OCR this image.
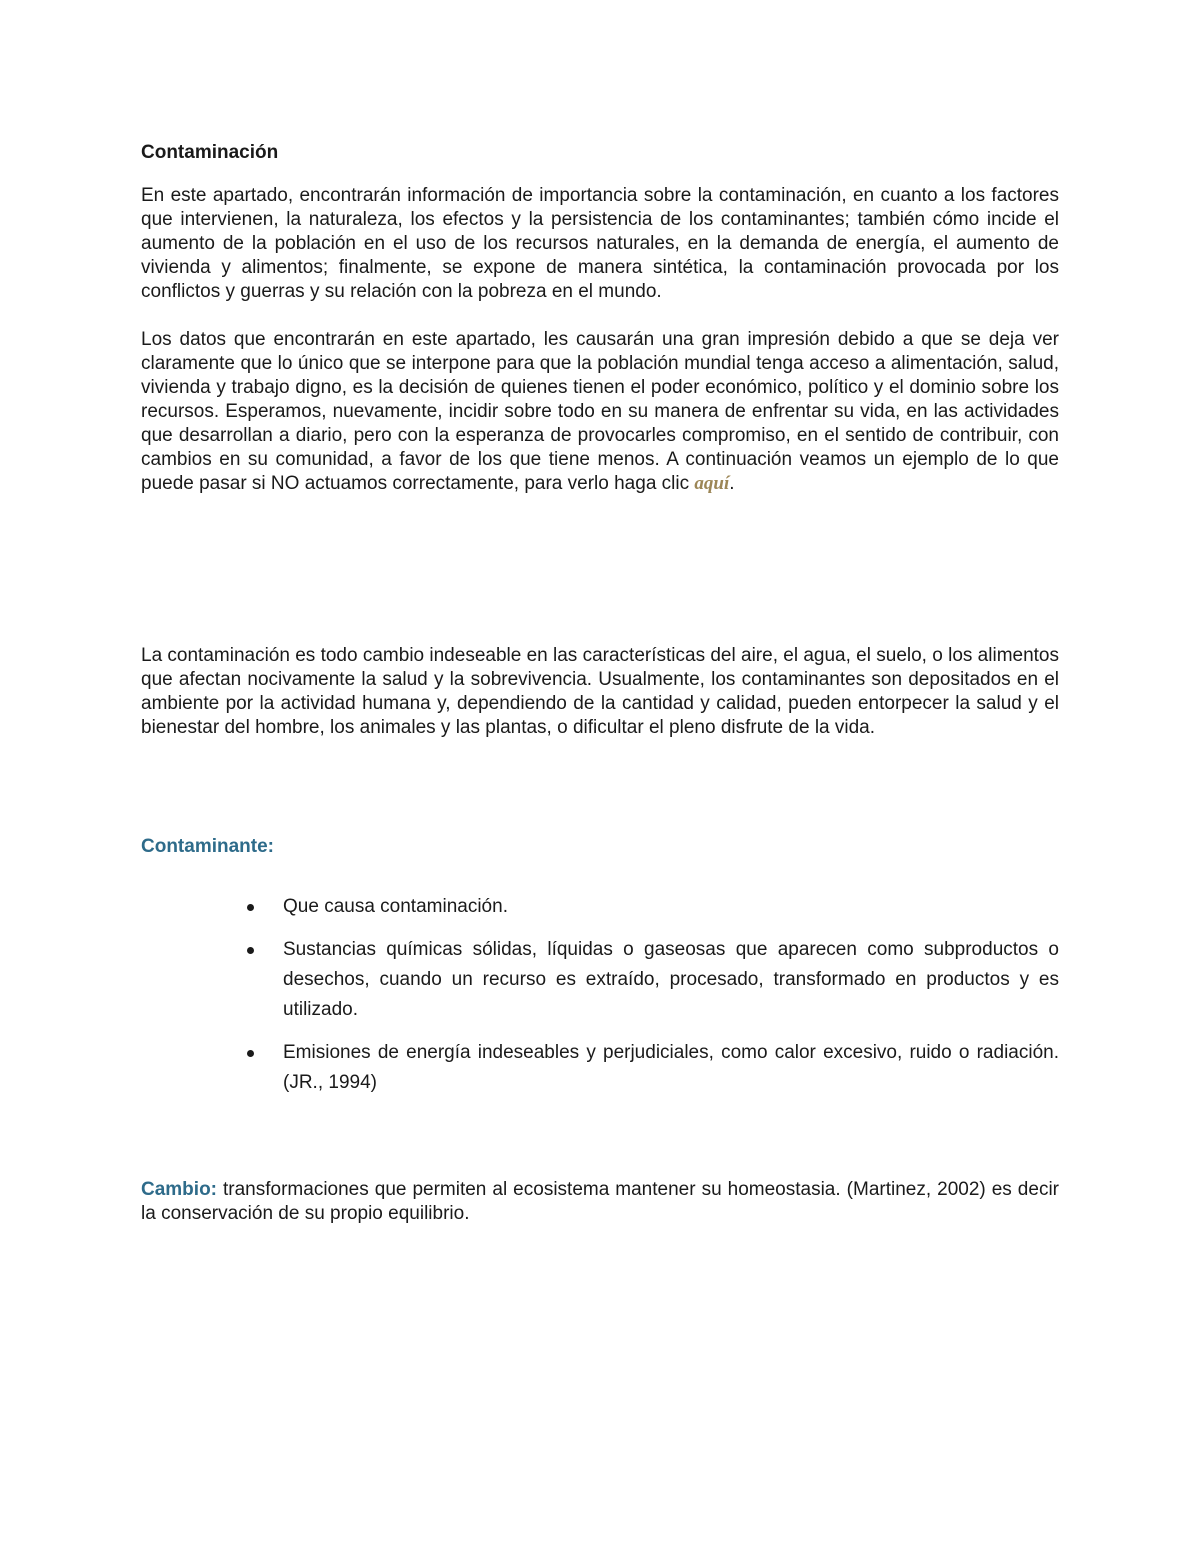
Contaminación

En este apartado, encontrarán información de importancia sobre la contaminación, en cuanto a los factores que intervienen, la naturaleza, los efectos y la persistencia de los contaminantes; también cómo incide el aumento de la población en el uso de los recursos naturales, en la demanda de energía, el aumento de vivienda y alimentos; finalmente, se expone de manera sintética, la contaminación provocada por los conflictos y guerras y su relación con la pobreza en el mundo.

Los datos que encontrarán en este apartado, les causarán una gran impresión debido a que se deja ver claramente que lo único que se interpone para que la población mundial tenga acceso a alimentación, salud, vivienda y trabajo digno, es la decisión de quienes tienen el poder económico, político y el dominio sobre los recursos. Esperamos, nuevamente, incidir sobre todo en su manera de enfrentar su vida, en las actividades que desarrollan a diario, pero con la esperanza de provocarles compromiso, en el sentido de contribuir, con cambios en su comunidad, a favor de los que tiene menos. A continuación veamos un ejemplo de lo que puede pasar si NO actuamos correctamente, para verlo haga clic aquí.

La contaminación es todo cambio indeseable en las características del aire, el agua, el suelo, o los alimentos que afectan nocivamente la salud y la sobrevivencia. Usualmente, los contaminantes son depositados en el ambiente por la actividad humana y, dependiendo de la cantidad y calidad, pueden entorpecer la salud y el bienestar del hombre, los animales y las plantas, o dificultar el pleno disfrute de la vida.

Contaminante:

Que causa contaminación.
Sustancias químicas sólidas, líquidas o gaseosas que aparecen como subproductos o desechos, cuando un recurso es extraído, procesado, transformado en productos y es utilizado.
Emisiones de energía indeseables y perjudiciales, como calor excesivo, ruido o radiación. (JR., 1994)

Cambio: transformaciones que permiten al ecosistema mantener su homeostasia. (Martinez, 2002) es decir la conservación de su propio equilibrio.
